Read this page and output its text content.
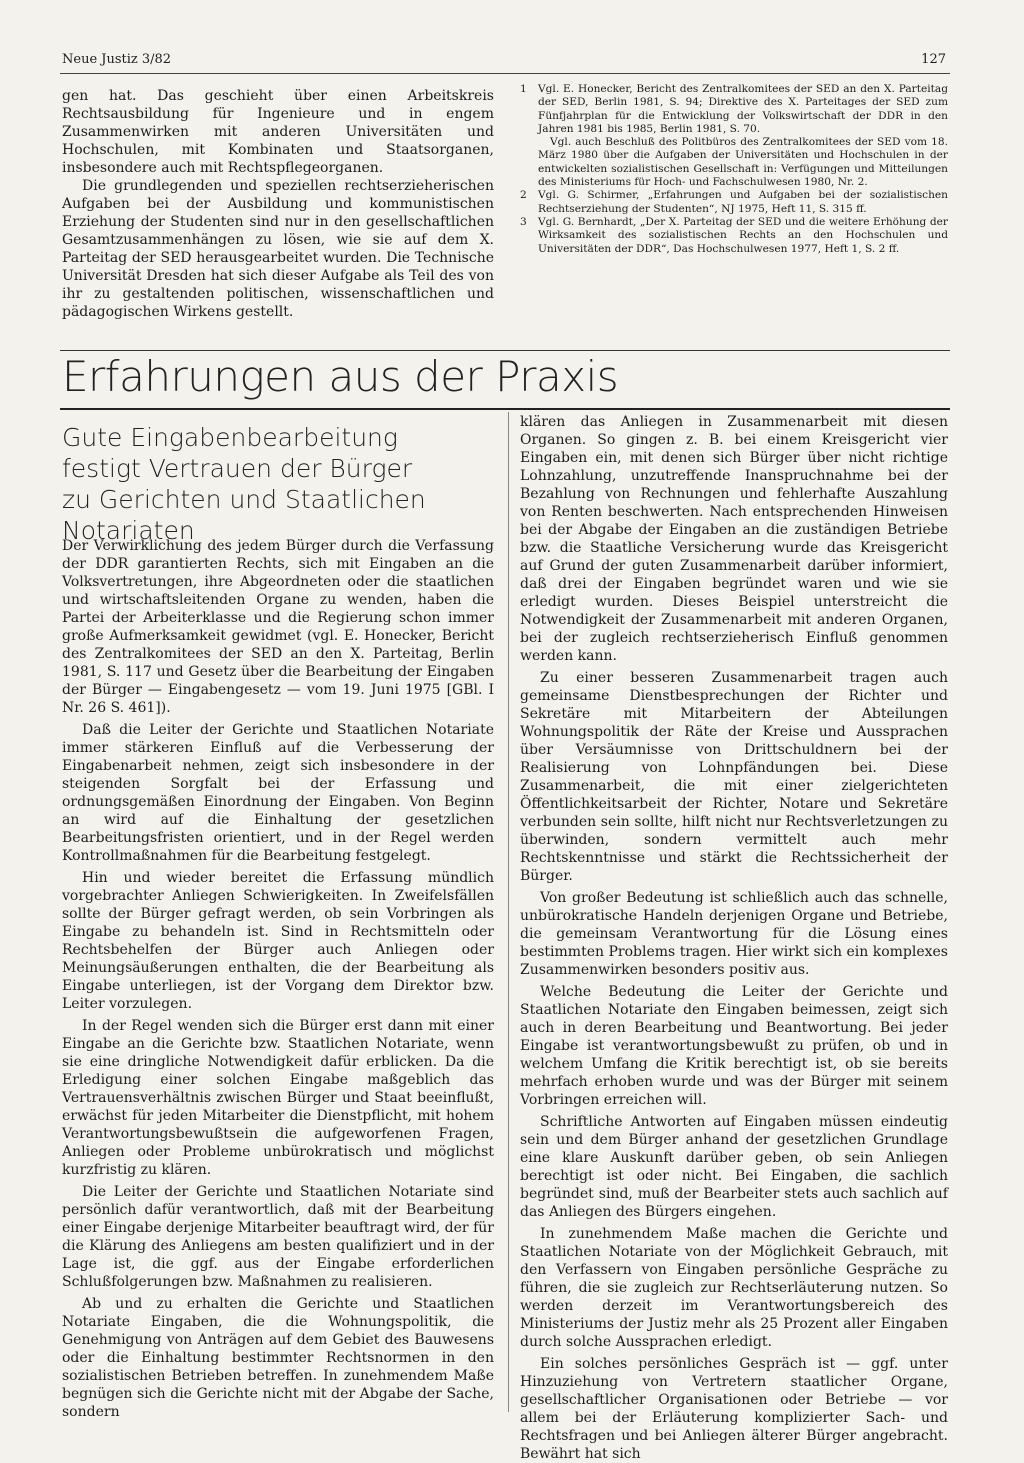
Neue Justiz 3/82	127

gen hat. Das geschieht über einen Arbeitskreis Rechtsausbildung für Ingenieure und in engem Zusammenwirken mit anderen Universitäten und Hochschulen, mit Kombinaten und Staatsorganen, insbesondere auch mit Rechtspflegeorganen.

Die grundlegenden und speziellen rechtserzieherischen Aufgaben bei der Ausbildung und kommunistischen Erziehung der Studenten sind nur in den gesellschaftlichen Gesamtzusammenhängen zu lösen, wie sie auf dem X. Parteitag der SED herausgearbeitet wurden. Die Technische Universität Dresden hat sich dieser Aufgabe als Teil des von ihr zu gestaltenden politischen, wissenschaftlichen und pädagogischen Wirkens gestellt.

1	Vgl. E. Honecker, Bericht des Zentralkomitees der SED an den X. Parteitag der SED, Berlin 1981, S. 94; Direktive des X. Parteitages der SED zum Fünfjahrplan für die Entwicklung der Volkswirtschaft der DDR in den Jahren 1981 bis 1985, Berlin 1981, S. 70.
Vgl. auch Beschluß des Politbüros des Zentralkomitees der SED vom 18. März 1980 über die Aufgaben der Universitäten und Hochschulen in der entwickelten sozialistischen Gesellschaft in: Verfügungen und Mitteilungen des Ministeriums für Hoch- und Fachschulwesen 1980, Nr. 2.
2	Vgl. G. Schirmer, „Erfahrungen und Aufgaben bei der sozialistischen Rechtserziehung der Studenten“, NJ 1975, Heft 11, S. 315 ff.
3	Vgl. G. Bernhardt, „Der X. Parteitag der SED und die weitere Erhöhung der Wirksamkeit des sozialistischen Rechts an den Hochschulen und Universitäten der DDR“, Das Hochschulwesen 1977, Heft 1, S. 2 ff.
Erfahrungen aus der Praxis
Gute Eingabenbearbeitung
festigt Vertrauen der Bürger
zu Gerichten und Staatlichen Notariaten

Der Verwirklichung des jedem Bürger durch die Verfassung der DDR garantierten Rechts, sich mit Eingaben an die Volksvertretungen, ihre Abgeordneten oder die staatlichen und wirtschaftsleitenden Organe zu wenden, haben die Partei der Arbeiterklasse und die Regierung schon immer große Aufmerksamkeit gewidmet (vgl. E. Honecker, Bericht des Zentralkomitees der SED an den X. Parteitag, Berlin 1981, S. 117 und Gesetz über die Bearbeitung der Eingaben der Bürger — Eingabengesetz — vom 19. Juni 1975 [GBl. I Nr. 26 S. 461]).

Daß die Leiter der Gerichte und Staatlichen Notariate immer stärkeren Einfluß auf die Verbesserung der Eingabenarbeit nehmen, zeigt sich insbesondere in der steigenden Sorgfalt bei der Erfassung und ordnungsgemäßen Einordnung der Eingaben. Von Beginn an wird auf die Einhaltung der gesetzlichen Bearbeitungsfristen orientiert, und in der Regel werden Kontrollmaßnahmen für die Bearbeitung festgelegt.

Hin und wieder bereitet die Erfassung mündlich vorgebrachter Anliegen Schwierigkeiten. In Zweifelsfällen sollte der Bürger gefragt werden, ob sein Vorbringen als Eingabe zu behandeln ist. Sind in Rechtsmitteln oder Rechtsbehelfen der Bürger auch Anliegen oder Meinungsäußerungen enthalten, die der Bearbeitung als Eingabe unterliegen, ist der Vorgang dem Direktor bzw. Leiter vorzulegen.

In der Regel wenden sich die Bürger erst dann mit einer Eingabe an die Gerichte bzw. Staatlichen Notariate, wenn sie eine dringliche Notwendigkeit dafür erblicken. Da die Erledigung einer solchen Eingabe maßgeblich das Vertrauensverhältnis zwischen Bürger und Staat beeinflußt, erwächst für jeden Mitarbeiter die Dienstpflicht, mit hohem Verantwortungsbewußtsein die aufgeworfenen Fragen, Anliegen oder Probleme unbürokratisch und möglichst kurzfristig zu klären.

Die Leiter der Gerichte und Staatlichen Notariate sind persönlich dafür verantwortlich, daß mit der Bearbeitung einer Eingabe derjenige Mitarbeiter beauftragt wird, der für die Klärung des Anliegens am besten qualifiziert und in der Lage ist, die ggf. aus der Eingabe erforderlichen Schlußfolgerungen bzw. Maßnahmen zu realisieren.

Ab und zu erhalten die Gerichte und Staatlichen Notariate Eingaben, die die Wohnungspolitik, die Genehmigung von Anträgen auf dem Gebiet des Bauwesens oder die Einhaltung bestimmter Rechtsnormen in den sozialistischen Betrieben betreffen. In zunehmendem Maße begnügen sich die Gerichte nicht mit der Abgabe der Sache, sondern

klären das Anliegen in Zusammenarbeit mit diesen Organen. So gingen z. B. bei einem Kreisgericht vier Eingaben ein, mit denen sich Bürger über nicht richtige Lohnzahlung, unzutreffende Inanspruchnahme bei der Bezahlung von Rechnungen und fehlerhafte Auszahlung von Renten beschwerten. Nach entsprechenden Hinweisen bei der Abgabe der Eingaben an die zuständigen Betriebe bzw. die Staatliche Versicherung wurde das Kreisgericht auf Grund der guten Zusammenarbeit darüber informiert, daß drei der Eingaben begründet waren und wie sie erledigt wurden. Dieses Beispiel unterstreicht die Notwendigkeit der Zusammenarbeit mit anderen Organen, bei der zugleich rechtserzieherisch Einfluß genommen werden kann.

Zu einer besseren Zusammenarbeit tragen auch gemeinsame Dienstbesprechungen der Richter und Sekretäre mit Mitarbeitern der Abteilungen Wohnungspolitik der Räte der Kreise und Aussprachen über Versäumnisse von Drittschuldnern bei der Realisierung von Lohnpfändungen bei. Diese Zusammenarbeit, die mit einer zielgerichteten Öffentlichkeitsarbeit der Richter, Notare und Sekretäre verbunden sein sollte, hilft nicht nur Rechtsverletzungen zu überwinden, sondern vermittelt auch mehr Rechtskenntnisse und stärkt die Rechtssicherheit der Bürger.

Von großer Bedeutung ist schließlich auch das schnelle, unbürokratische Handeln derjenigen Organe und Betriebe, die gemeinsam Verantwortung für die Lösung eines bestimmten Problems tragen. Hier wirkt sich ein komplexes Zusammenwirken besonders positiv aus.

Welche Bedeutung die Leiter der Gerichte und Staatlichen Notariate den Eingaben beimessen, zeigt sich auch in deren Bearbeitung und Beantwortung. Bei jeder Eingabe ist verantwortungsbewußt zu prüfen, ob und in welchem Umfang die Kritik berechtigt ist, ob sie bereits mehrfach erhoben wurde und was der Bürger mit seinem Vorbringen erreichen will.

Schriftliche Antworten auf Eingaben müssen eindeutig sein und dem Bürger anhand der gesetzlichen Grundlage eine klare Auskunft darüber geben, ob sein Anliegen berechtigt ist oder nicht. Bei Eingaben, die sachlich begründet sind, muß der Bearbeiter stets auch sachlich auf das Anliegen des Bürgers eingehen.

In zunehmendem Maße machen die Gerichte und Staatlichen Notariate von der Möglichkeit Gebrauch, mit den Verfassern von Eingaben persönliche Gespräche zu führen, die sie zugleich zur Rechtserläuterung nutzen. So werden derzeit im Verantwortungsbereich des Ministeriums der Justiz mehr als 25 Prozent aller Eingaben durch solche Aussprachen erledigt.

Ein solches persönliches Gespräch ist — ggf. unter Hinzuziehung von Vertretern staatlicher Organe, gesellschaftlicher Organisationen oder Betriebe — vor allem bei der Erläuterung komplizierter Sach- und Rechtsfragen und bei Anliegen älterer Bürger angebracht. Bewährt hat sich
